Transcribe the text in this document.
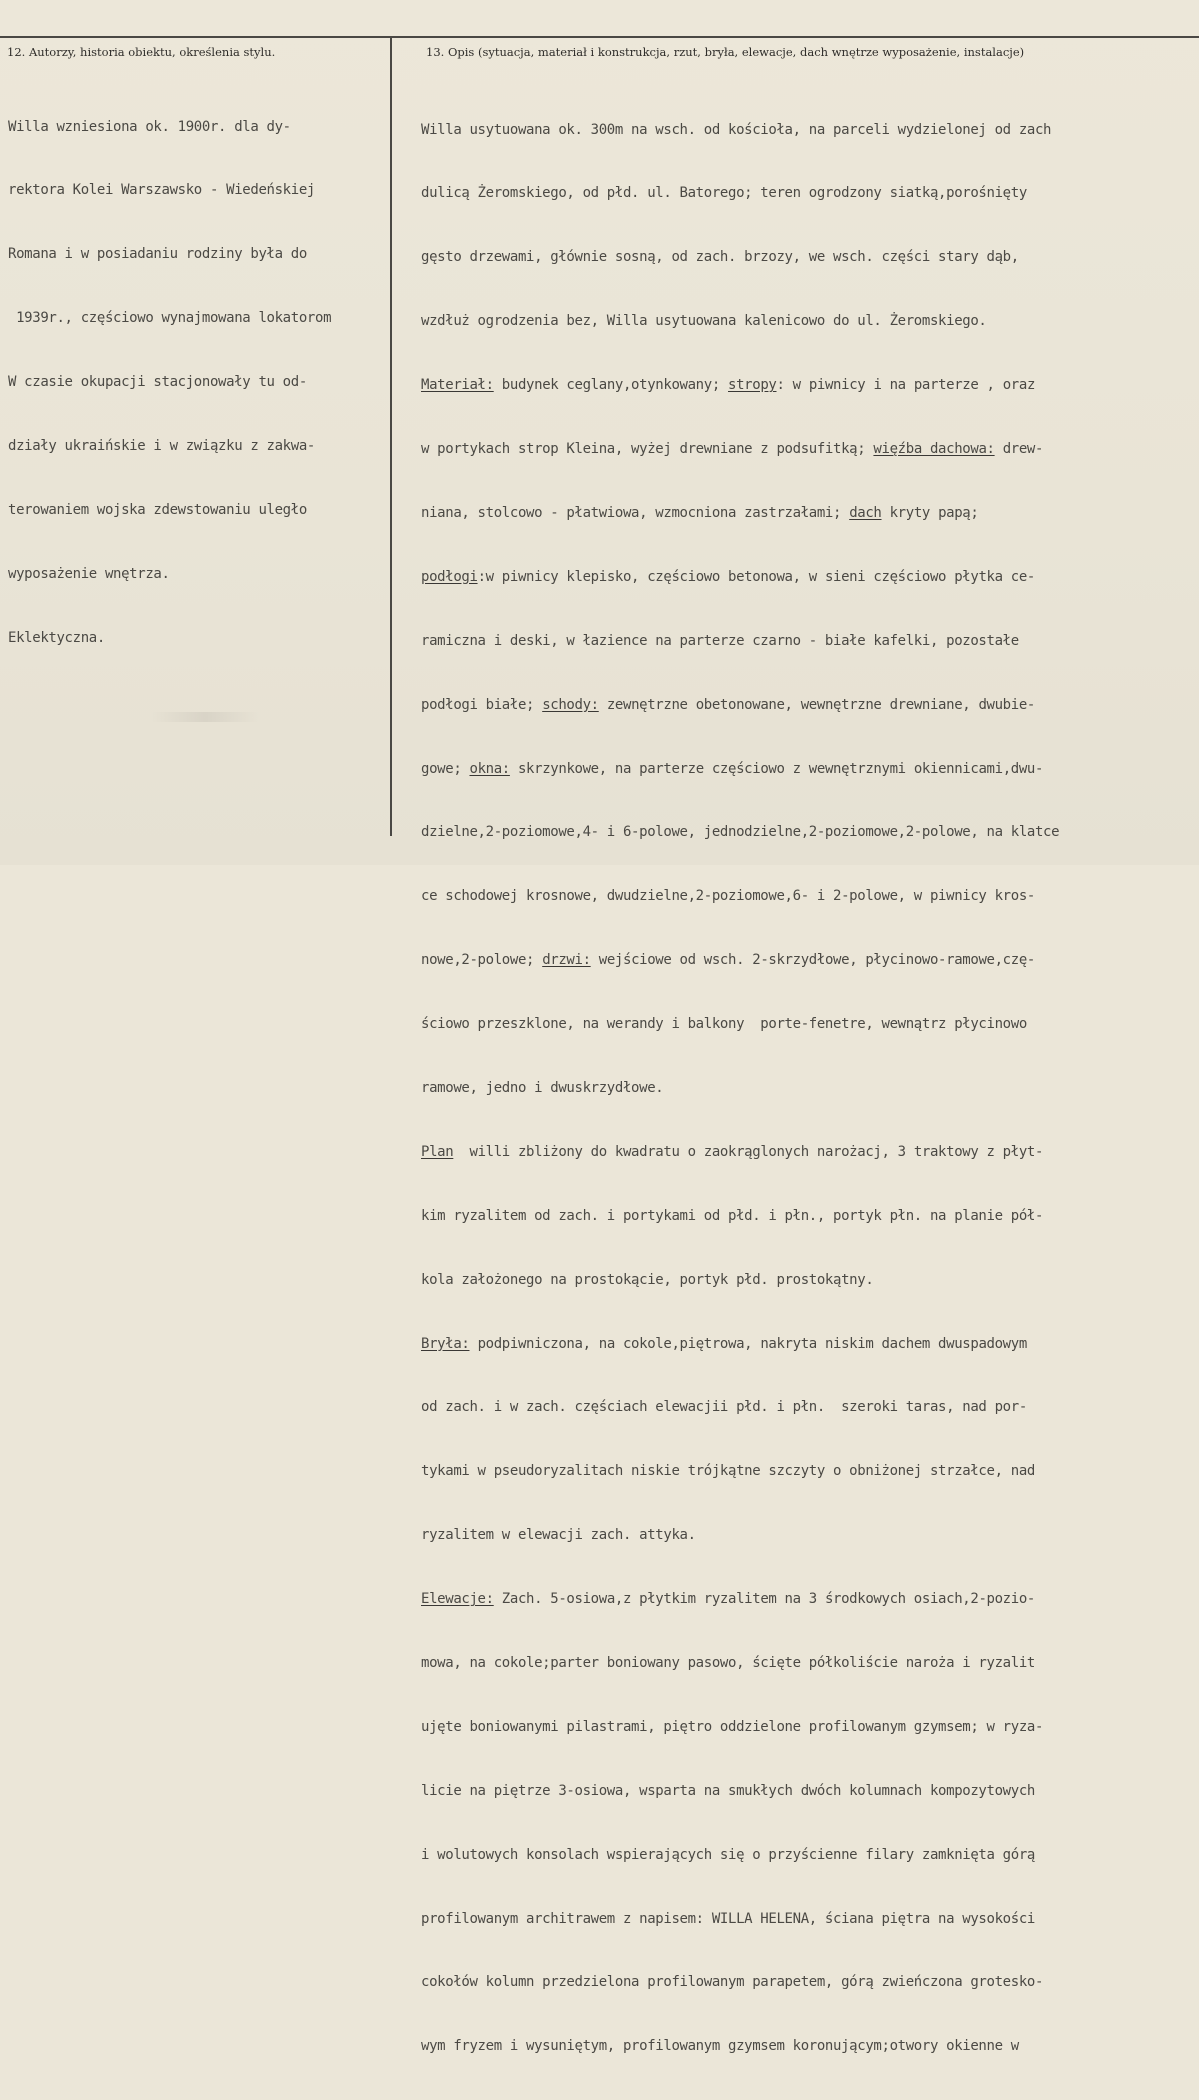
12. Autorzy, historia obiektu, określenia stylu.	13. Opis (sytuacja, materiał i konstrukcja, rzut, bryła, elewacje, dach wnętrze wyposażenie, instalacje)

Willa wzniesiona ok. 1900r. dla dy-

rektora Kolei Warszawsko - Wiedeńskiej

Romana i w posiadaniu rodziny była do

1939r., częściowo wynajmowana lokatorom

W czasie okupacji stacjonowały tu od-

działy ukraińskie i w związku z zakwa-

terowaniem wojska zdewstowaniu uległo

wyposażenie wnętrza.

Eklektyczna.

Willa usytuowana ok. 300m na wsch. od kościoła, na parceli wydzielonej od zach

dulicą Żeromskiego, od płd. ul. Batorego; teren ogrodzony siatką,porośnięty

gęsto drzewami, głównie sosną, od zach. brzozy, we wsch. części stary dąb,

wzdłuż ogrodzenia bez, Willa usytuowana kalenicowo do ul. Żeromskiego.

Materiał: budynek ceglany,otynkowany; stropy: w piwnicy i na parterze , oraz

w portykach strop Kleina, wyżej drewniane z podsufitką; więźba dachowa: drew-

niana, stolcowo - płatwiowa, wzmocniona zastrzałami; dach kryty papą;

podłogi:w piwnicy klepisko, częściowo betonowa, w sieni częściowo płytka ce-

ramiczna i deski, w łazience na parterze czarno - białe kafelki, pozostałe

podłogi białe; schody: zewnętrzne obetonowane, wewnętrzne drewniane, dwubie-

gowe; okna: skrzynkowe, na parterze częściowo z wewnętrznymi okiennicami,dwu-

dzielne,2-poziomowe,4- i 6-polowe, jednodzielne,2-poziomowe,2-polowe, na klatce

ce schodowej krosnowe, dwudzielne,2-poziomowe,6- i 2-polowe, w piwnicy kros-

nowe,2-polowe; drzwi: wejściowe od wsch. 2-skrzydłowe, płycinowo-ramowe,czę-

ściowo przeszklone, na werandy i balkony  porte-fenetre, wewnątrz płycinowo

ramowe, jedno i dwuskrzydłowe.

Plan  willi zbliżony do kwadratu o zaokrąglonych narożacj, 3 traktowy z płyt-

kim ryzalitem od zach. i portykami od płd. i płn., portyk płn. na planie pół-

kola założonego na prostokącie, portyk płd. prostokątny.

Bryła: podpiwniczona, na cokole,piętrowa, nakryta niskim dachem dwuspadowym

od zach. i w zach. częściach elewacjii płd. i płn.  szeroki taras, nad por-

tykami w pseudoryzalitach niskie trójkątne szczyty o obniżonej strzałce, nad

ryzalitem w elewacji zach. attyka.

Elewacje: Zach. 5-osiowa,z płytkim ryzalitem na 3 środkowych osiach,2-pozio-

mowa, na cokole;parter boniowany pasowo, ścięte półkoliście naroża i ryzalit

ujęte boniowanymi pilastrami, piętro oddzielone profilowanym gzymsem; w ryza-

licie na piętrze 3-osiowa, wsparta na smukłych dwóch kolumnach kompozytowych

i wolutowych konsolach wspierających się o przyścienne filary zamknięta górą

profilowanym architrawem z napisem: WILLA HELENA, ściana piętra na wysokości

cokołów kolumn przedzielona profilowanym parapetem, górą zwieńczona grotesko-

wym fryzem i wysuniętym, profilowanym gzymsem koronującym;otwory okienne w
